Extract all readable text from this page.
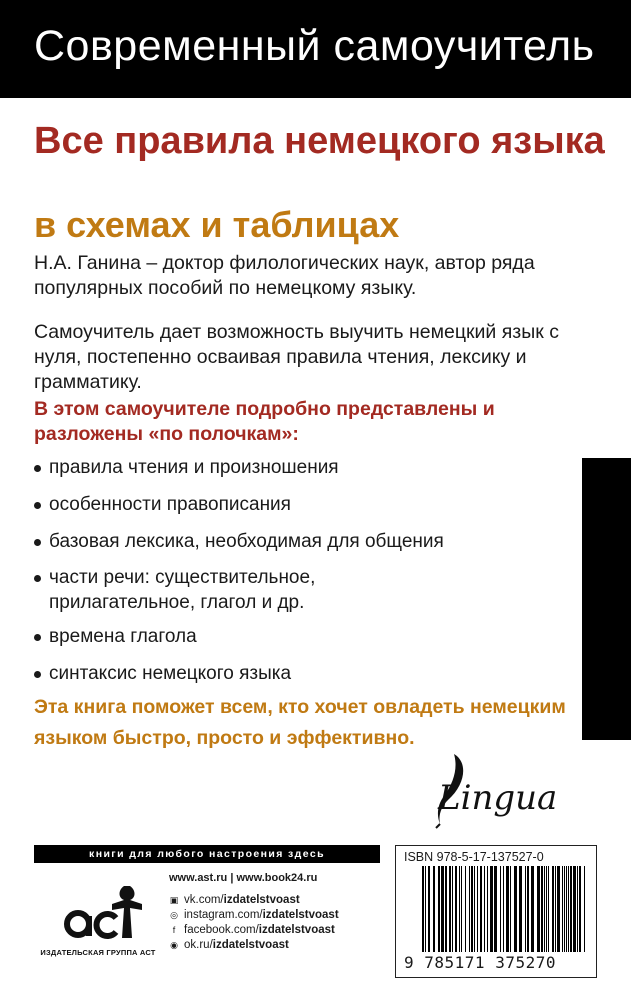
Современный самоучитель
Все правила немецкого языка
в схемах и таблицах

Н.А. Ганина – доктор филологических наук, автор ряда популярных пособий по немецкому языку.

Самоучитель дает возможность выучить немецкий язык с нуля, постепенно осваивая правила чтения, лексику и грамматику.

В этом самоучителе подробно представлены и разложены «по полочкам»:

правила чтения и произношения
особенности правописания
базовая лексика, необходимая для общения
части речи: существительное, прилагательное, глагол и др.
времена глагола
синтаксис немецкого языка

Эта книга поможет всем, кто хочет овладеть немецким языком быстро, просто и эффективно.

Lingua
книги для любого настроения здесь
ИЗДАТЕЛЬСКАЯ ГРУППА АСТ
www.ast.ru | www.book24.ru
▣ vk.com/izdatelstvoast
◎ instagram.com/izdatelstvoast
f facebook.com/izdatelstvoast
◉ ok.ru/izdatelstvoast
ISBN 978-5-17-137527-0
9 785171 375270
